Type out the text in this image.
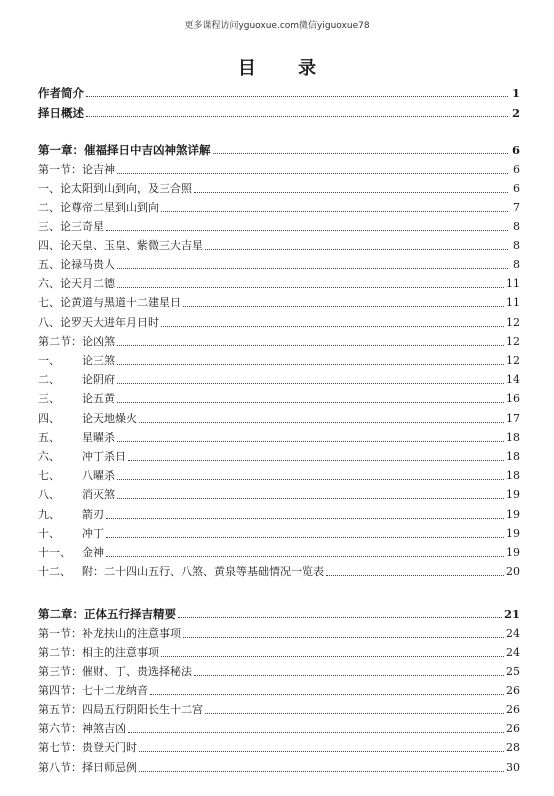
更多课程访问yguoxue.com微信yiguoxue78
目 录
作者简介	1
择日概述	2
第一章：催福择日中吉凶神煞详解	6
第一节：论吉神	6
一、论太阳到山到向，及三合照	6
二、论尊帝二星到山到向	7
三、论三奇星	8
四、论天皇、玉皇、紫微三大吉星	8
五、论禄马贵人	8
六、论天月二德	11
七、论黄道与黑道十二建星日	11
八、论罗天大进年月日时	12
第二节：论凶煞	12
一、	论三煞	12
二、	论阴府	14
三、	论五黄	16
四、	论天地燥火	17
五、	星曜杀	18
六、	冲丁杀日	18
七、	八曜杀	18
八、	消灭煞	19
九、	箭刃	19
十、	冲丁	19
十一、	金神	19
十二、	附：二十四山五行、八煞、黄泉等基础情况一览表	20
第二章：正体五行择吉精要	21
第一节：补龙扶山的注意事项	24
第二节：相主的注意事项	24
第三节：催财、丁、贵选择秘法	25
第四节：七十二龙纳音	26
第五节：四局五行阴阳长生十二宫	26
第六节：神煞吉凶	26
第七节：贵登天门时	28
第八节：择日师忌例	30
